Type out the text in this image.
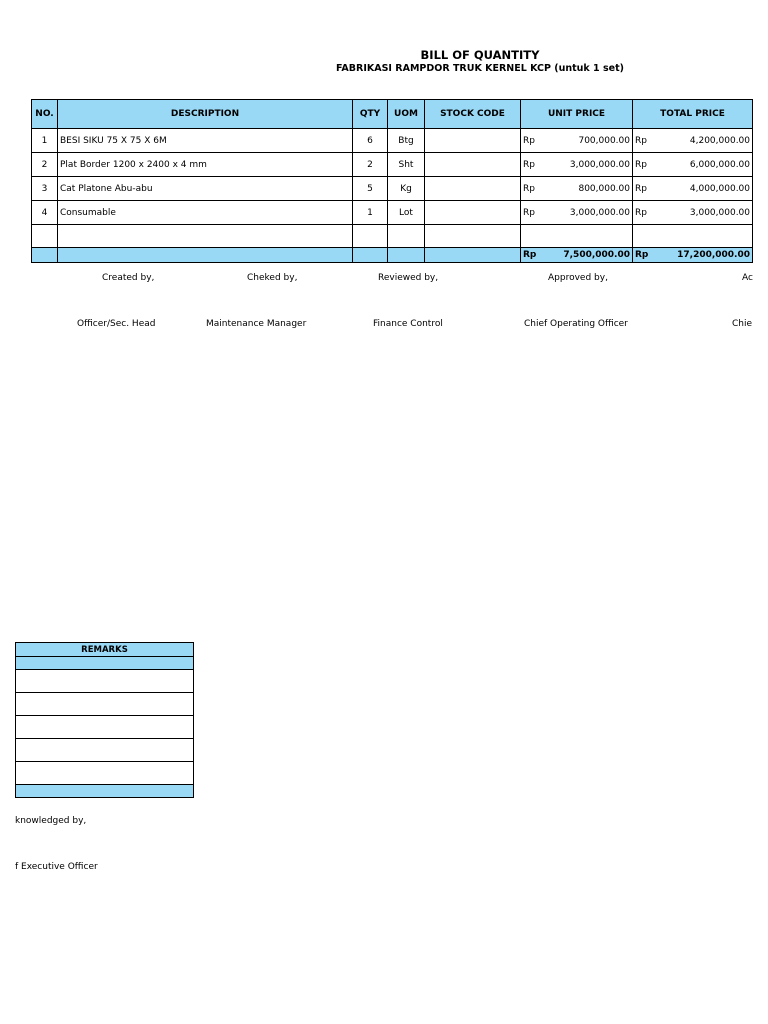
BILL OF QUANTITY
FABRIKASI RAMPDOR TRUK KERNEL KCP (untuk 1 set)
NO.	DESCRIPTION	QTY	UOM	STOCK CODE	UNIT PRICE		TOTAL PRICE	
1	BESI SIKU 75 X 75 X 6M	6	Btg		Rp	700,000.00	Rp	4,200,000.00
2	Plat Border 1200 x 2400 x 4 mm	2	Sht		Rp	3,000,000.00	Rp	6,000,000.00
3	Cat Platone Abu-abu	5	Kg		Rp	800,000.00	Rp	4,000,000.00
4	Consumable	1	Lot		Rp	3,000,000.00	Rp	3,000,000.00

					Rp	7,500,000.00	Rp	17,200,000.00
Created by,	Cheked by,	Reviewed by,	Approved by,	Ac
Officer/Sec. Head	Maintenance Manager	Finance Control	Chief Operating Officer	Chie
REMARKS

knowledged by,
f Executive Officer
